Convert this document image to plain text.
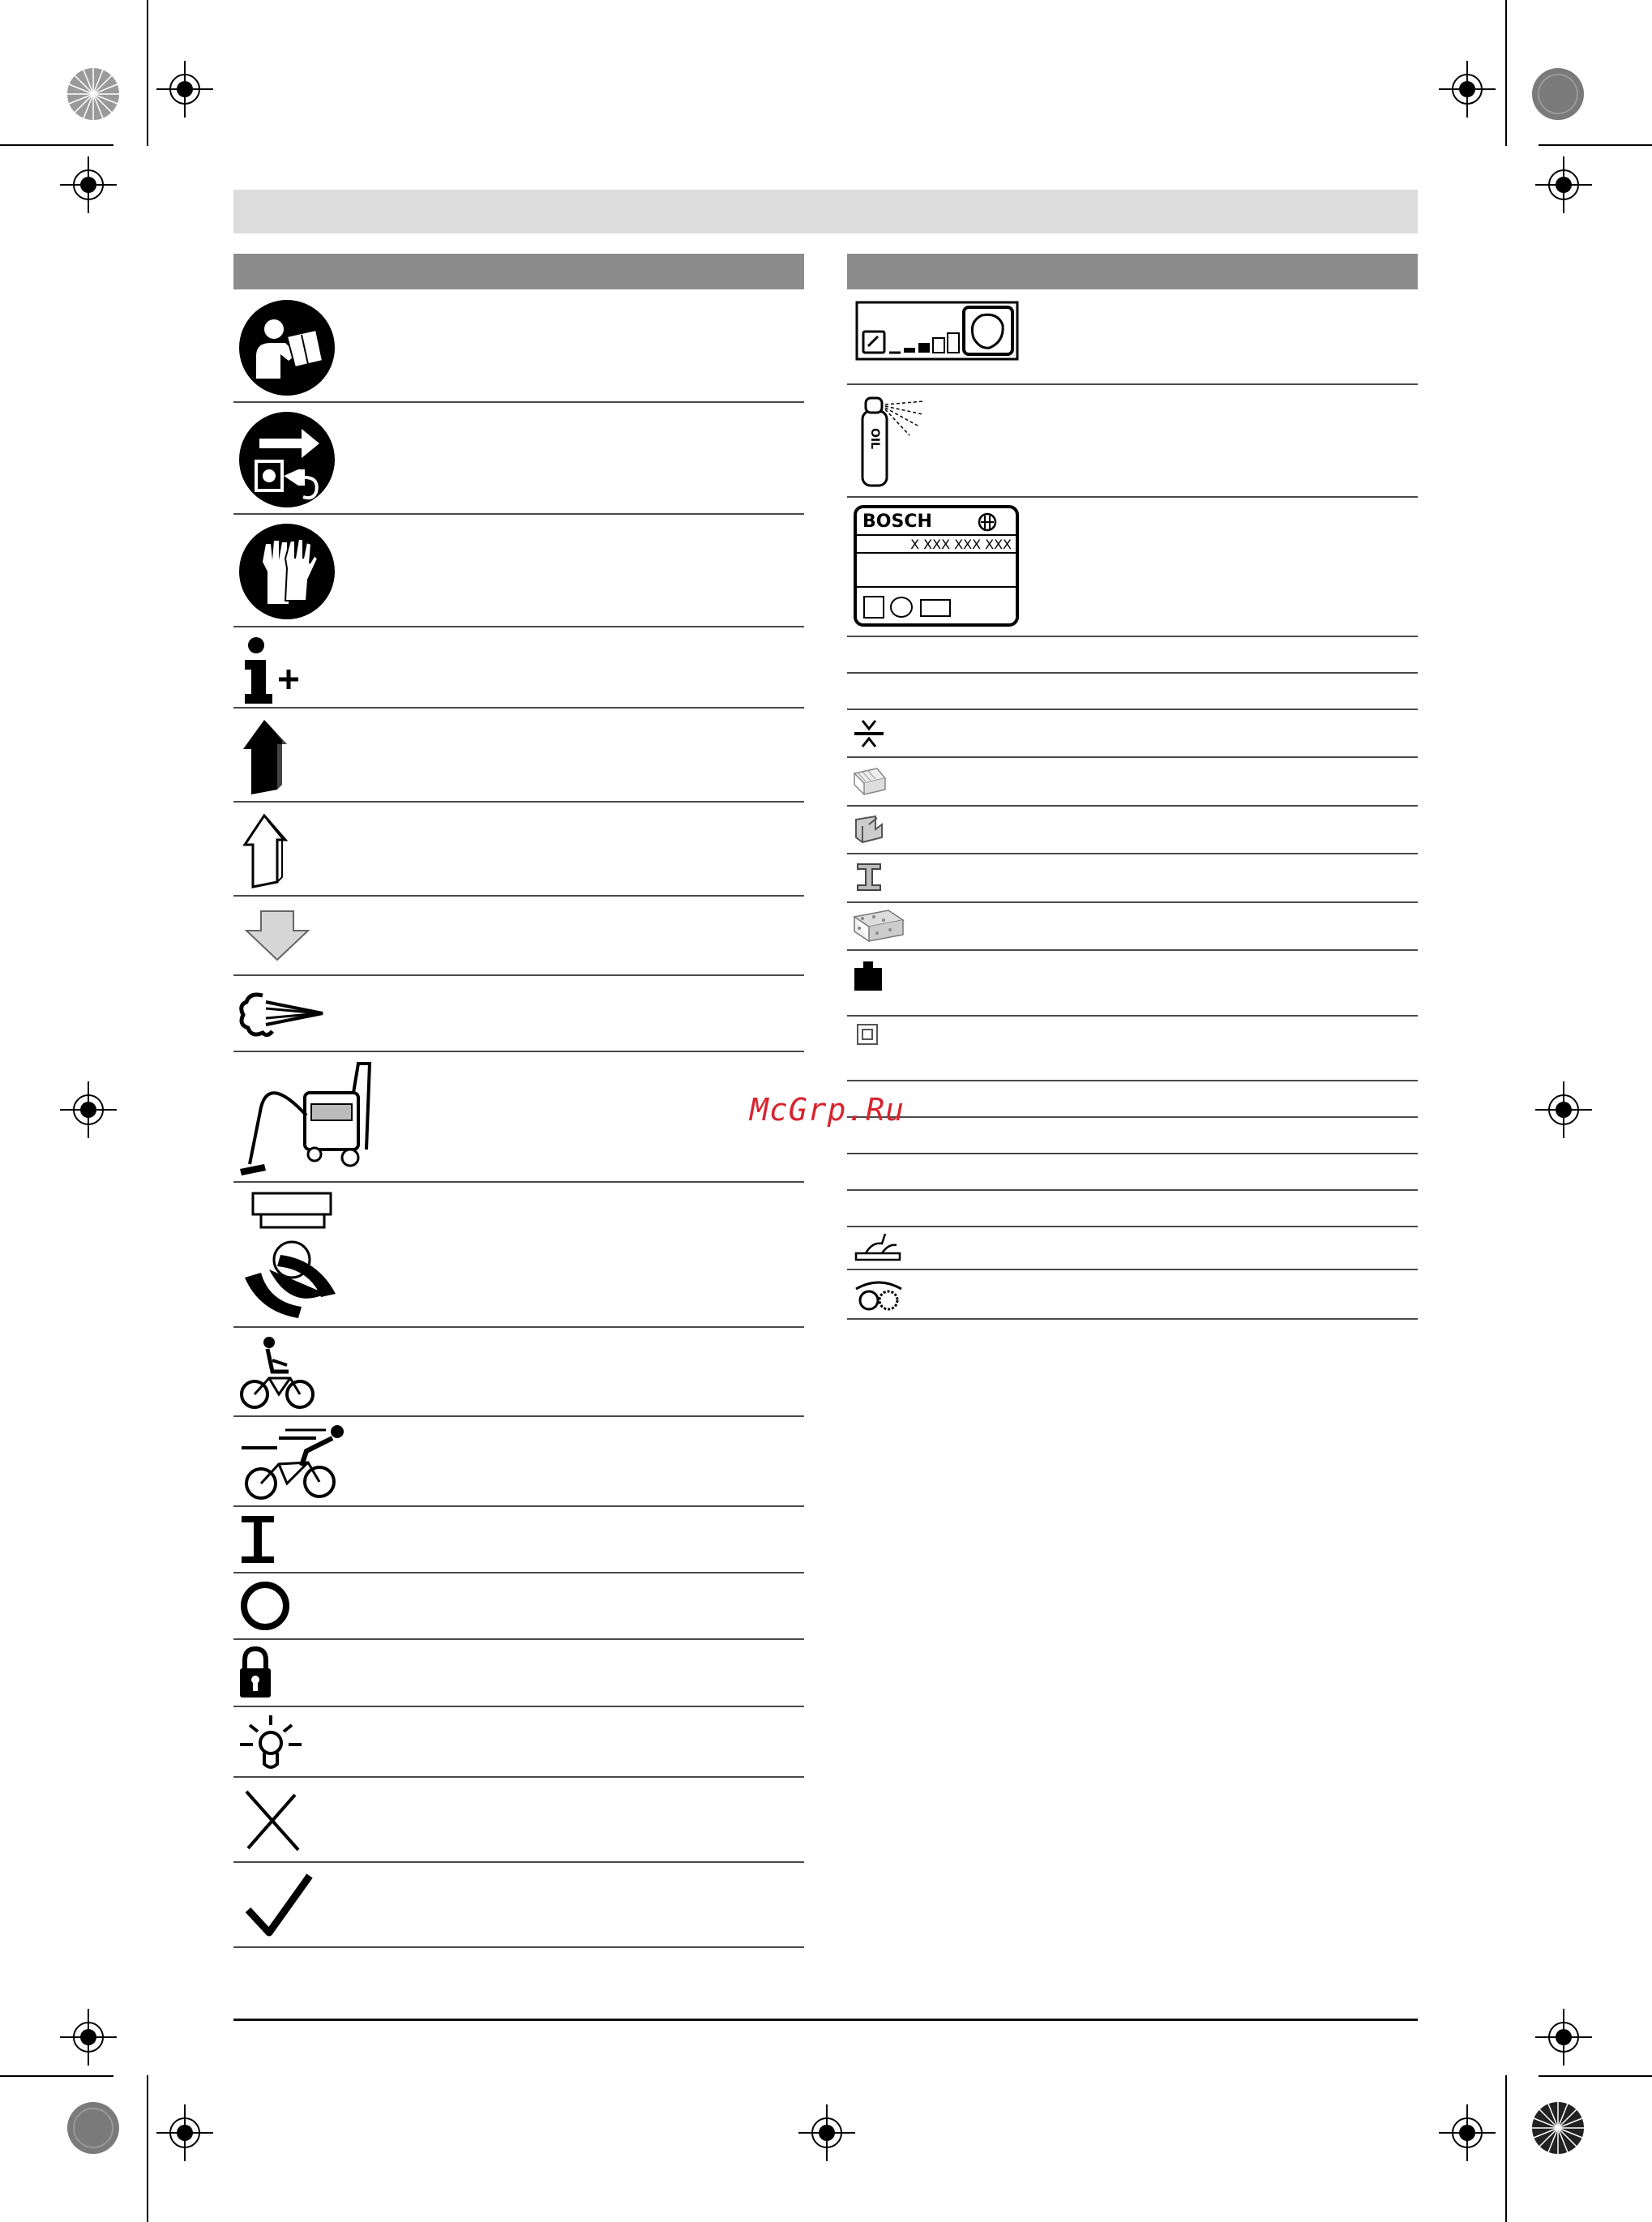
OIL
BOSCH
X XXX XXX XXX
McGrp.Ru
